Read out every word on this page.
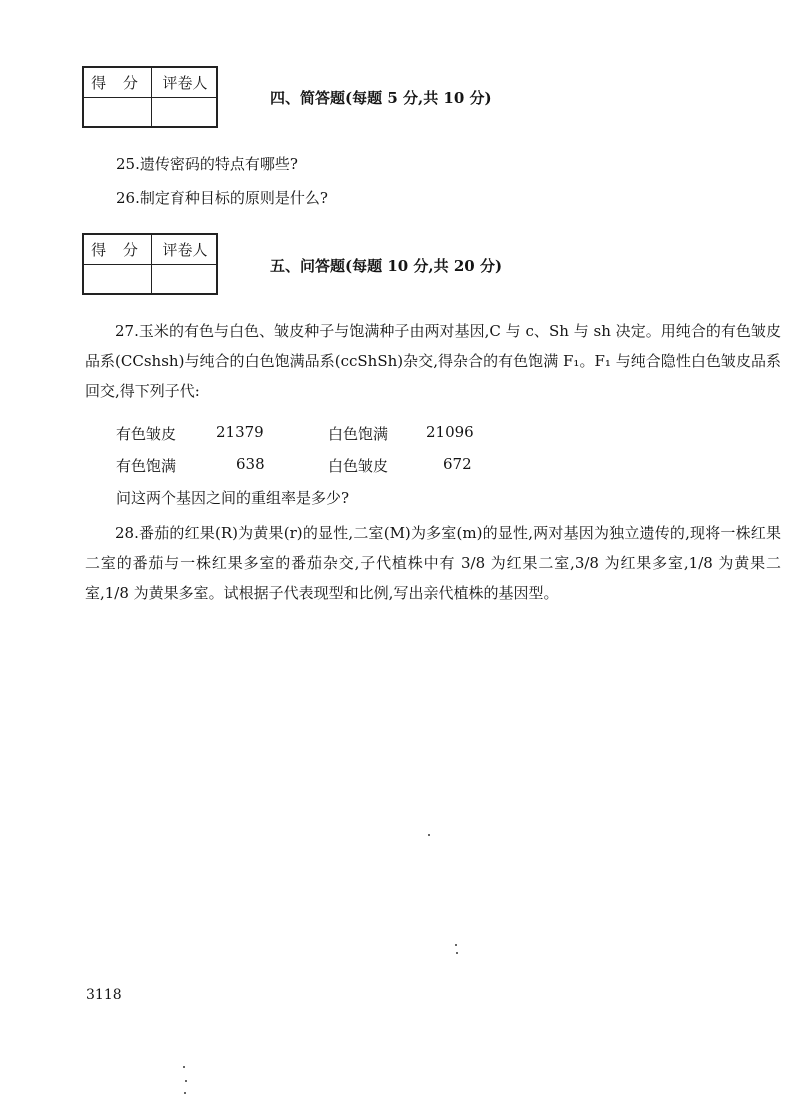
得 分	评卷人
四、简答题(每题 5 分,共 10 分)
25.遗传密码的特点有哪些?
26.制定育种目标的原则是什么?
得 分	评卷人
五、问答题(每题 10 分,共 20 分)

27.玉米的有色与白色、皱皮种子与饱满种子由两对基因,C 与 c、Sh 与 sh 决定。用纯合的有色皱皮品系(CCshsh)与纯合的白色饱满品系(ccShSh)杂交,得杂合的有色饱满 F₁。F₁ 与纯合隐性白色皱皮品系回交,得下列子代:

有色皱皮	21379	白色饱满	21096
有色饱满	638	白色皱皮	672
问这两个基因之间的重组率是多少?

28.番茄的红果(R)为黄果(r)的显性,二室(M)为多室(m)的显性,两对基因为独立遗传的,现将一株红果二室的番茄与一株红果多室的番茄杂交,子代植株中有 3/8 为红果二室,3/8 为红果多室,1/8 为黄果二室,1/8 为黄果多室。试根据子代表现型和比例,写出亲代植株的基因型。

3118
